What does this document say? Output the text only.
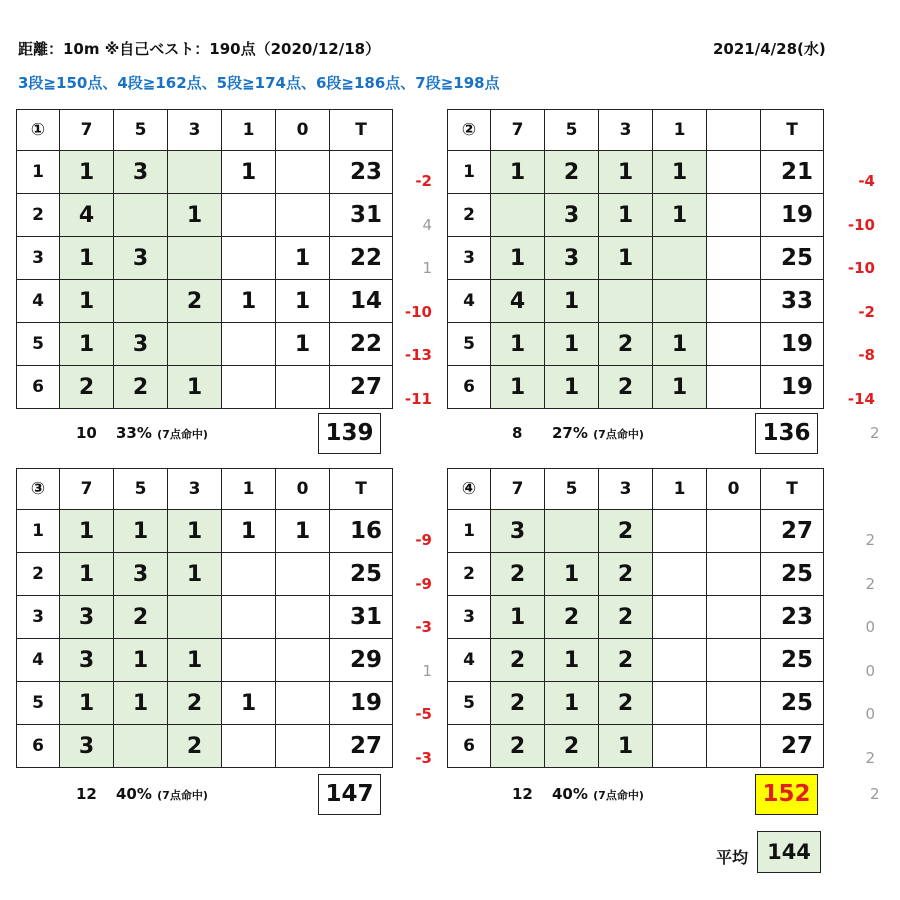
距離：10m ※自己ベスト：190点（2020/12/18）	2021/4/28(水)
3段≧150点、4段≧162点、5段≧174点、6段≧186点、7段≧198点
-2
4
1
-10
-13
-11
①	7	5	3	1	0	T
1	1	3		1		23
2	4		1			31
3	1	3			1	22
4	1		2	1	1	14
5	1	3			1	22
6	2	2	1			27
10 33% (7点命中)	139
-4
-10
-10
-2
-8
-14
②	7	5	3	1		T
1	1	2	1	1		21
2		3	1	1		19
3	1	3	1			25
4	4	1				33
5	1	1	2	1		19
6	1	1	2	1		19
8 27% (7点命中)	136	2
-9
-9
-3
1
-5
-3
③	7	5	3	1	0	T
1	1	1	1	1	1	16
2	1	3	1			25
3	3	2				31
4	3	1	1			29
5	1	1	2	1		19
6	3		2			27
12 40% (7点命中)	147
2
2
0
0
0
2
④	7	5	3	1	0	T
1	3		2			27
2	2	1	2			25
3	1	2	2			23
4	2	1	2			25
5	2	1	2			25
6	2	2	1			27
12 40% (7点命中)	152	2
平均 144
